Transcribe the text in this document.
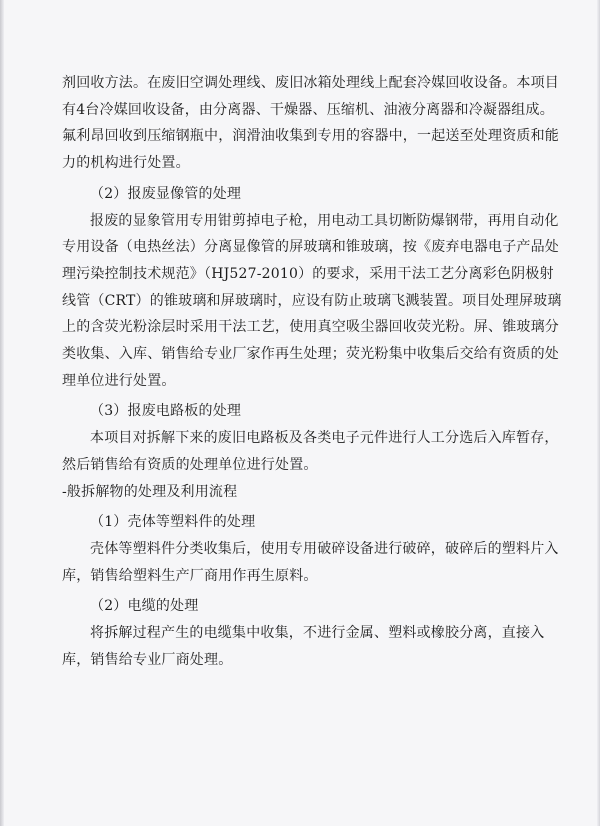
剂回收方法。在废旧空调处理线、废旧冰箱处理线上配套冷媒回收设备。本项目有4台冷媒回收设备，由分离器、干燥器、压缩机、油液分离器和冷凝器组成。氟利昂回收到压缩钢瓶中，润滑油收集到专用的容器中，一起送至处理资质和能力的机构进行处置。

（2）报废显像管的处理

报废的显象管用专用钳剪掉电子枪，用电动工具切断防爆钢带，再用自动化专用设备（电热丝法）分离显像管的屏玻璃和锥玻璃，按《废弃电器电子产品处理污染控制技术规范》（HJ527-2010）的要求，采用干法工艺分离彩色阴极射线管（CRT）的锥玻璃和屏玻璃时，应设有防止玻璃飞溅装置。项目处理屏玻璃上的含荧光粉涂层时采用干法工艺，使用真空吸尘器回收荧光粉。屏、锥玻璃分类收集、入库、销售给专业厂家作再生处理；荧光粉集中收集后交给有资质的处理单位进行处置。

（3）报废电路板的处理

本项目对拆解下来的废旧电路板及各类电子元件进行人工分选后入库暂存，然后销售给有资质的处理单位进行处置。

-般拆解物的处理及利用流程

（1）壳体等塑料件的处理

壳体等塑料件分类收集后，使用专用破碎设备进行破碎，破碎后的塑料片入库，销售给塑料生产厂商用作再生原料。

（2）电缆的处理

将拆解过程产生的电缆集中收集，不进行金属、塑料或橡胶分离，直接入库，销售给专业厂商处理。
